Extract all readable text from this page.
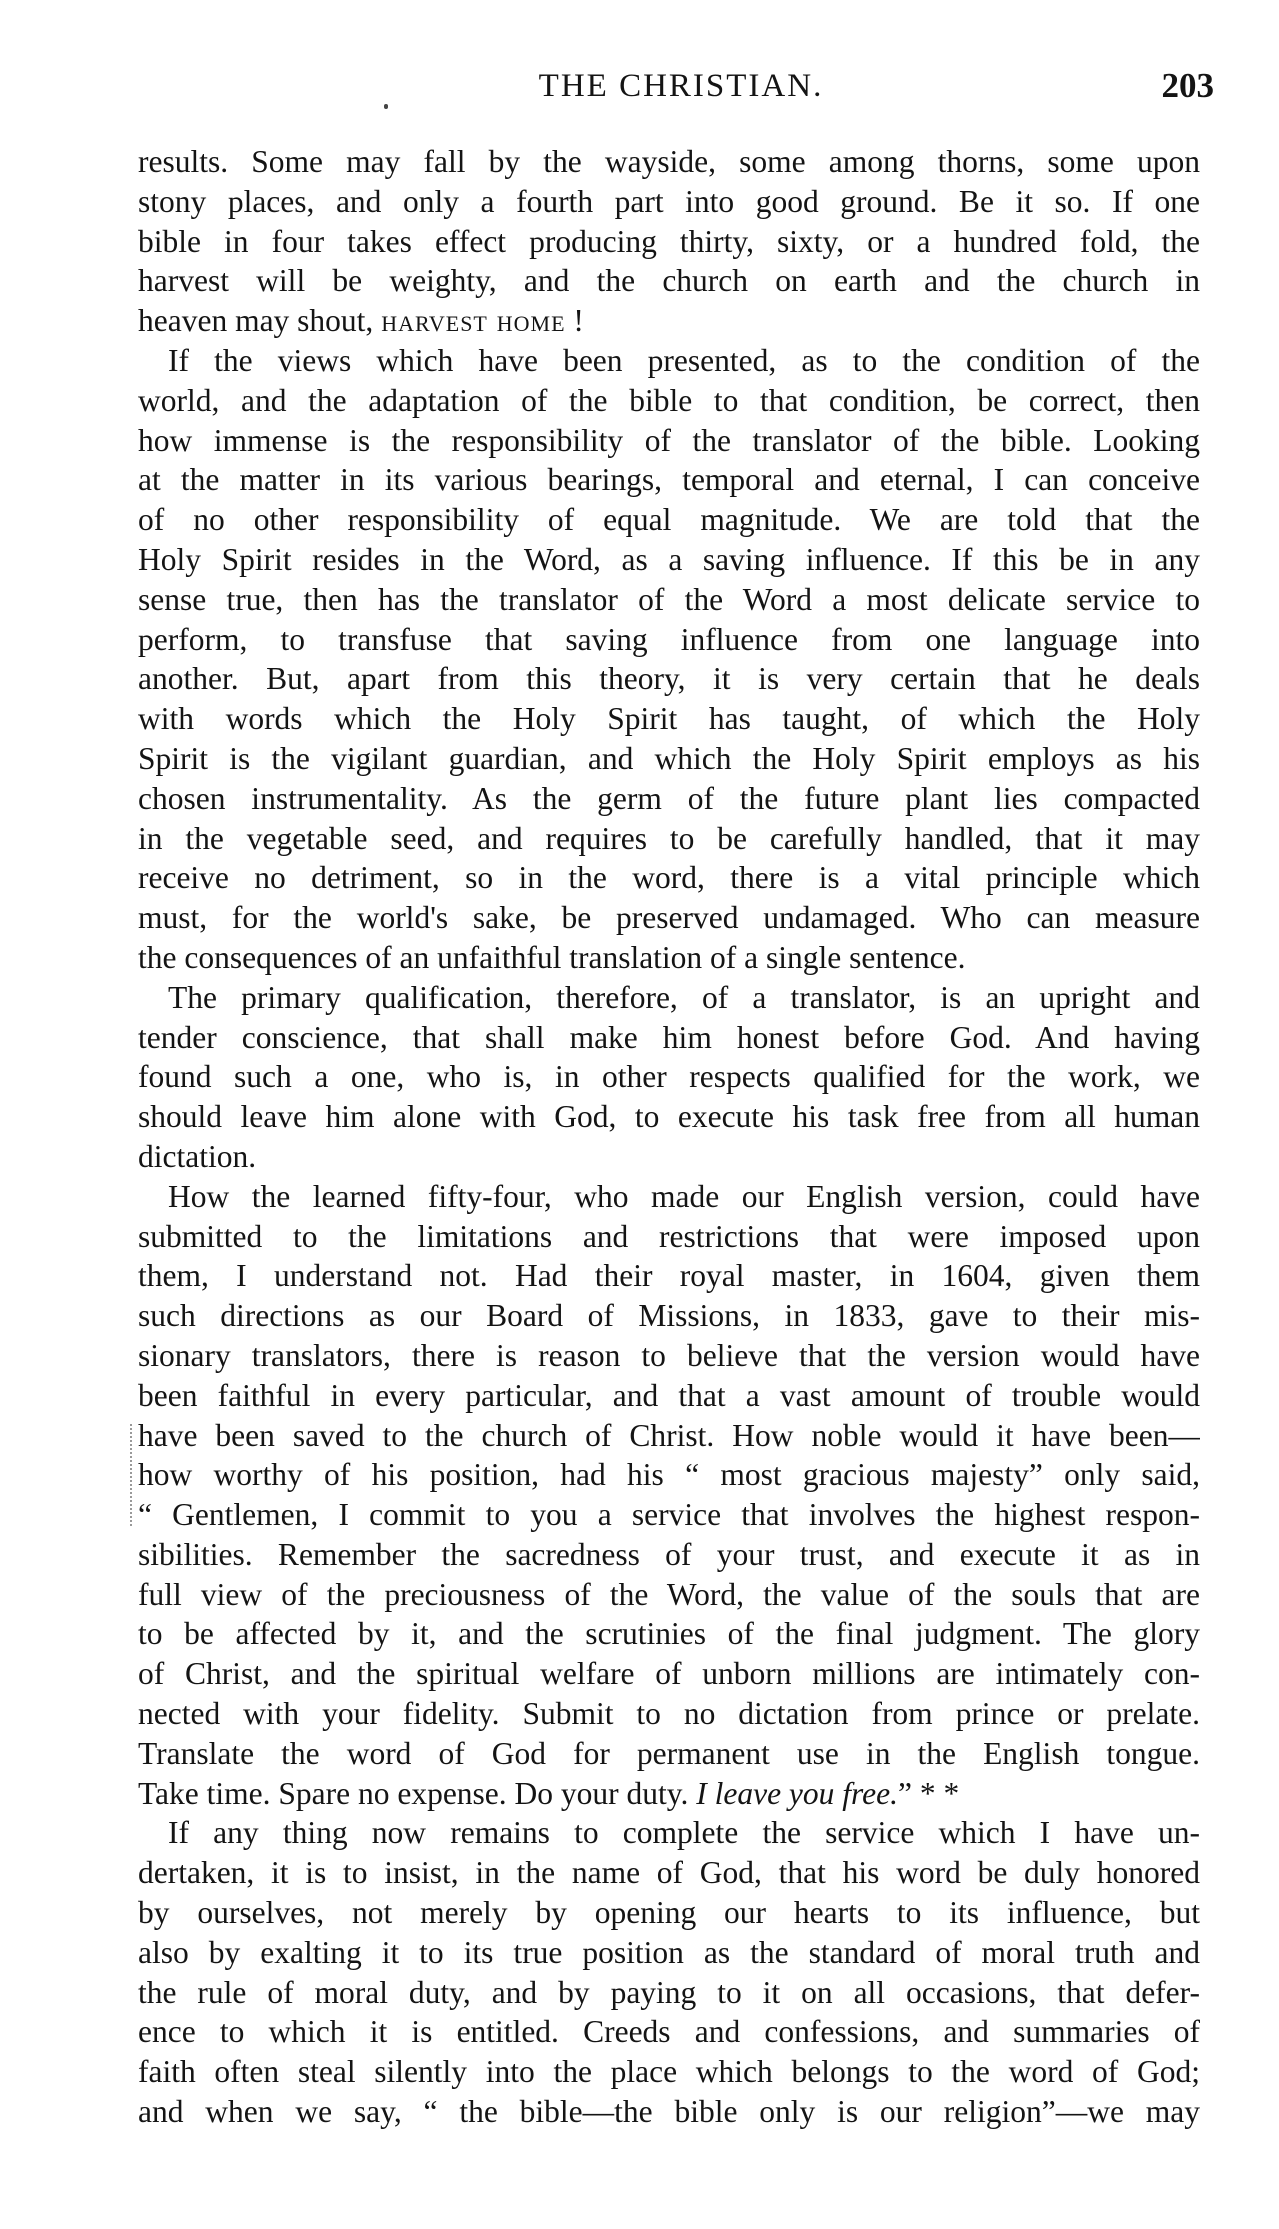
THE CHRISTIAN.	203
results. Some may fall by the wayside, some among thorns, some upon
stony places, and only a fourth part into good ground. Be it so. If one
bible in four takes effect producing thirty, sixty, or a hundred fold, the
harvest will be weighty, and the church on earth and the church in
heaven may shout, harvest home !
If the views which have been presented, as to the condition of the
world, and the adaptation of the bible to that condition, be correct, then
how immense is the responsibility of the translator of the bible. Looking
at the matter in its various bearings, temporal and eternal, I can conceive
of no other responsibility of equal magnitude. We are told that the
Holy Spirit resides in the Word, as a saving influence. If this be in any
sense true, then has the translator of the Word a most delicate service to
perform, to transfuse that saving influence from one language into
another. But, apart from this theory, it is very certain that he deals
with words which the Holy Spirit has taught, of which the Holy
Spirit is the vigilant guardian, and which the Holy Spirit employs as his
chosen instrumentality. As the germ of the future plant lies compacted
in the vegetable seed, and requires to be carefully handled, that it may
receive no detriment, so in the word, there is a vital principle which
must, for the world's sake, be preserved undamaged. Who can measure
the consequences of an unfaithful translation of a single sentence.
The primary qualification, therefore, of a translator, is an upright and
tender conscience, that shall make him honest before God. And having
found such a one, who is, in other respects qualified for the work, we
should leave him alone with God, to execute his task free from all human
dictation.
How the learned fifty-four, who made our English version, could have
submitted to the limitations and restrictions that were imposed upon
them, I understand not. Had their royal master, in 1604, given them
such directions as our Board of Missions, in 1833, gave to their mis-
sionary translators, there is reason to believe that the version would have
been faithful in every particular, and that a vast amount of trouble would
have been saved to the church of Christ. How noble would it have been—
how worthy of his position, had his “ most gracious majesty” only said,
“ Gentlemen, I commit to you a service that involves the highest respon-
sibilities. Remember the sacredness of your trust, and execute it as in
full view of the preciousness of the Word, the value of the souls that are
to be affected by it, and the scrutinies of the final judgment. The glory
of Christ, and the spiritual welfare of unborn millions are intimately con-
nected with your fidelity. Submit to no dictation from prince or prelate.
Translate the word of God for permanent use in the English tongue.
Take time. Spare no expense. Do your duty. I leave you free.” * *
If any thing now remains to complete the service which I have un-
dertaken, it is to insist, in the name of God, that his word be duly honored
by ourselves, not merely by opening our hearts to its influence, but
also by exalting it to its true position as the standard of moral truth and
the rule of moral duty, and by paying to it on all occasions, that defer-
ence to which it is entitled. Creeds and confessions, and summaries of
faith often steal silently into the place which belongs to the word of God;
and when we say, “ the bible—the bible only is our religion”—we may
